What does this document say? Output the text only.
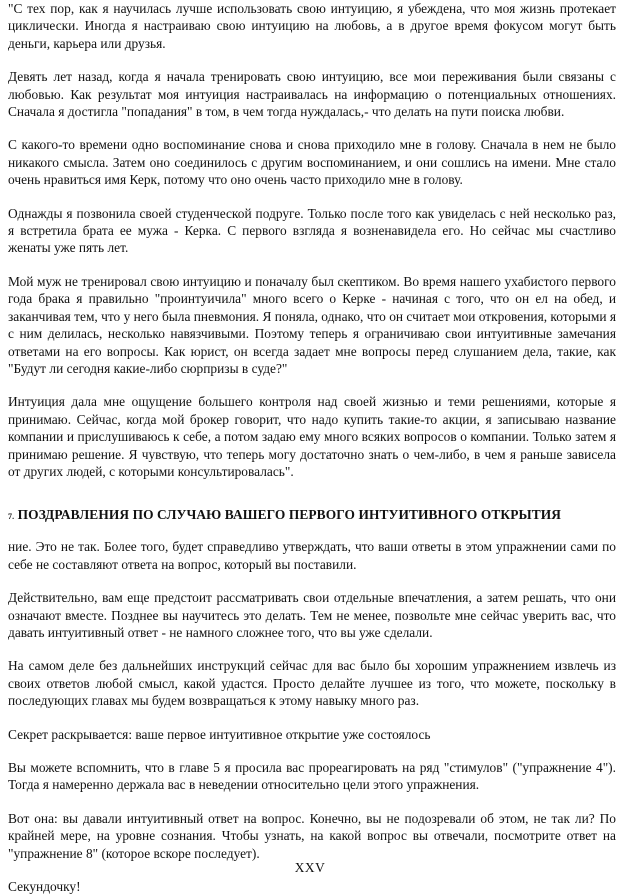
"С тех пор, как я научилась лучше использовать свою интуицию, я убеждена, что моя жизнь протекает циклически. Иногда я настраиваю свою интуицию на любовь, а в другое время фокусом могут быть деньги, карьера или друзья.

Девять лет назад, когда я начала тренировать свою интуицию, все мои переживания были связаны с любовью. Как результат моя интуиция настраивалась на информацию о потенциальных отношениях. Сначала я достигла "попадания" в том, в чем тогда нуждалась,- что делать на пути поиска любви.

С какого-то времени одно воспоминание снова и снова приходило мне в голову. Сначала в нем не было никакого смысла. Затем оно соединилось с другим воспоминанием, и они сошлись на имени. Мне стало очень нравиться имя Керк, потому что оно очень часто приходило мне в голову.

Однажды я позвонила своей студенческой подруге. Только после того как увиделась с ней несколько раз, я встретила брата ее мужа - Керка. С первого взгляда я возненавидела его. Но сейчас мы счастливо женаты уже пять лет.

Мой муж не тренировал свою интуицию и поначалу был скептиком. Во время нашего ухабистого первого года брака я правильно "проинтуичила" много всего о Керке - начиная с того, что он ел на обед, и заканчивая тем, что у него была пневмония. Я поняла, однако, что он считает мои откровения, которыми я с ним делилась, несколько навязчивыми. Поэтому теперь я ограничиваю свои интуитивные замечания ответами на его вопросы. Как юрист, он всегда задает мне вопросы перед слушанием дела, такие, как "Будут ли сегодня какие-либо сюрпризы в суде?"

Интуиция дала мне ощущение большего контроля над своей жизнью и теми решениями, которые я принимаю. Сейчас, когда мой брокер говорит, что надо купить такие-то акции, я записываю название компании и прислушиваюсь к себе, а потом задаю ему много всяких вопросов о компании. Только затем я принимаю решение. Я чувствую, что теперь могу достаточно знать о чем-либо, в чем я раньше зависела от других людей, с которыми консультировалась".

7. ПОЗДРАВЛЕНИЯ ПО СЛУЧАЮ ВАШЕГО ПЕРВОГО ИНТУИТИВНОГО ОТКРЫТИЯ

ние. Это не так. Более того, будет справедливо утверждать, что ваши ответы в этом упражнении сами по себе не составляют ответа на вопрос, который вы поставили.

Действительно, вам еще предстоит рассматривать свои отдельные впечатления, а затем решать, что они означают вместе. Позднее вы научитесь это делать. Тем не менее, позвольте мне сейчас уверить вас, что давать интуитивный ответ - не намного сложнее того, что вы уже сделали.

На самом деле без дальнейших инструкций сейчас для вас было бы хорошим упражнением извлечь из своих ответов любой смысл, какой удастся. Просто делайте лучшее из того, что можете, поскольку в последующих главах мы будем возвращаться к этому навыку много раз.

Секрет раскрывается: ваше первое интуитивное открытие уже состоялось

Вы можете вспомнить, что в главе 5 я просила вас прореагировать на ряд "стимулов" ("упражнение 4"). Тогда я намеренно держала вас в неведении относительно цели этого упражнения.

Вот она: вы давали интуитивный ответ на вопрос. Конечно, вы не подозревали об этом, не так ли? По крайней мере, на уровне сознания. Чтобы узнать, на какой вопрос вы отвечали, посмотрите ответ на "упражнение 8" (которое вскоре последует).

Секундочку!

XXV
